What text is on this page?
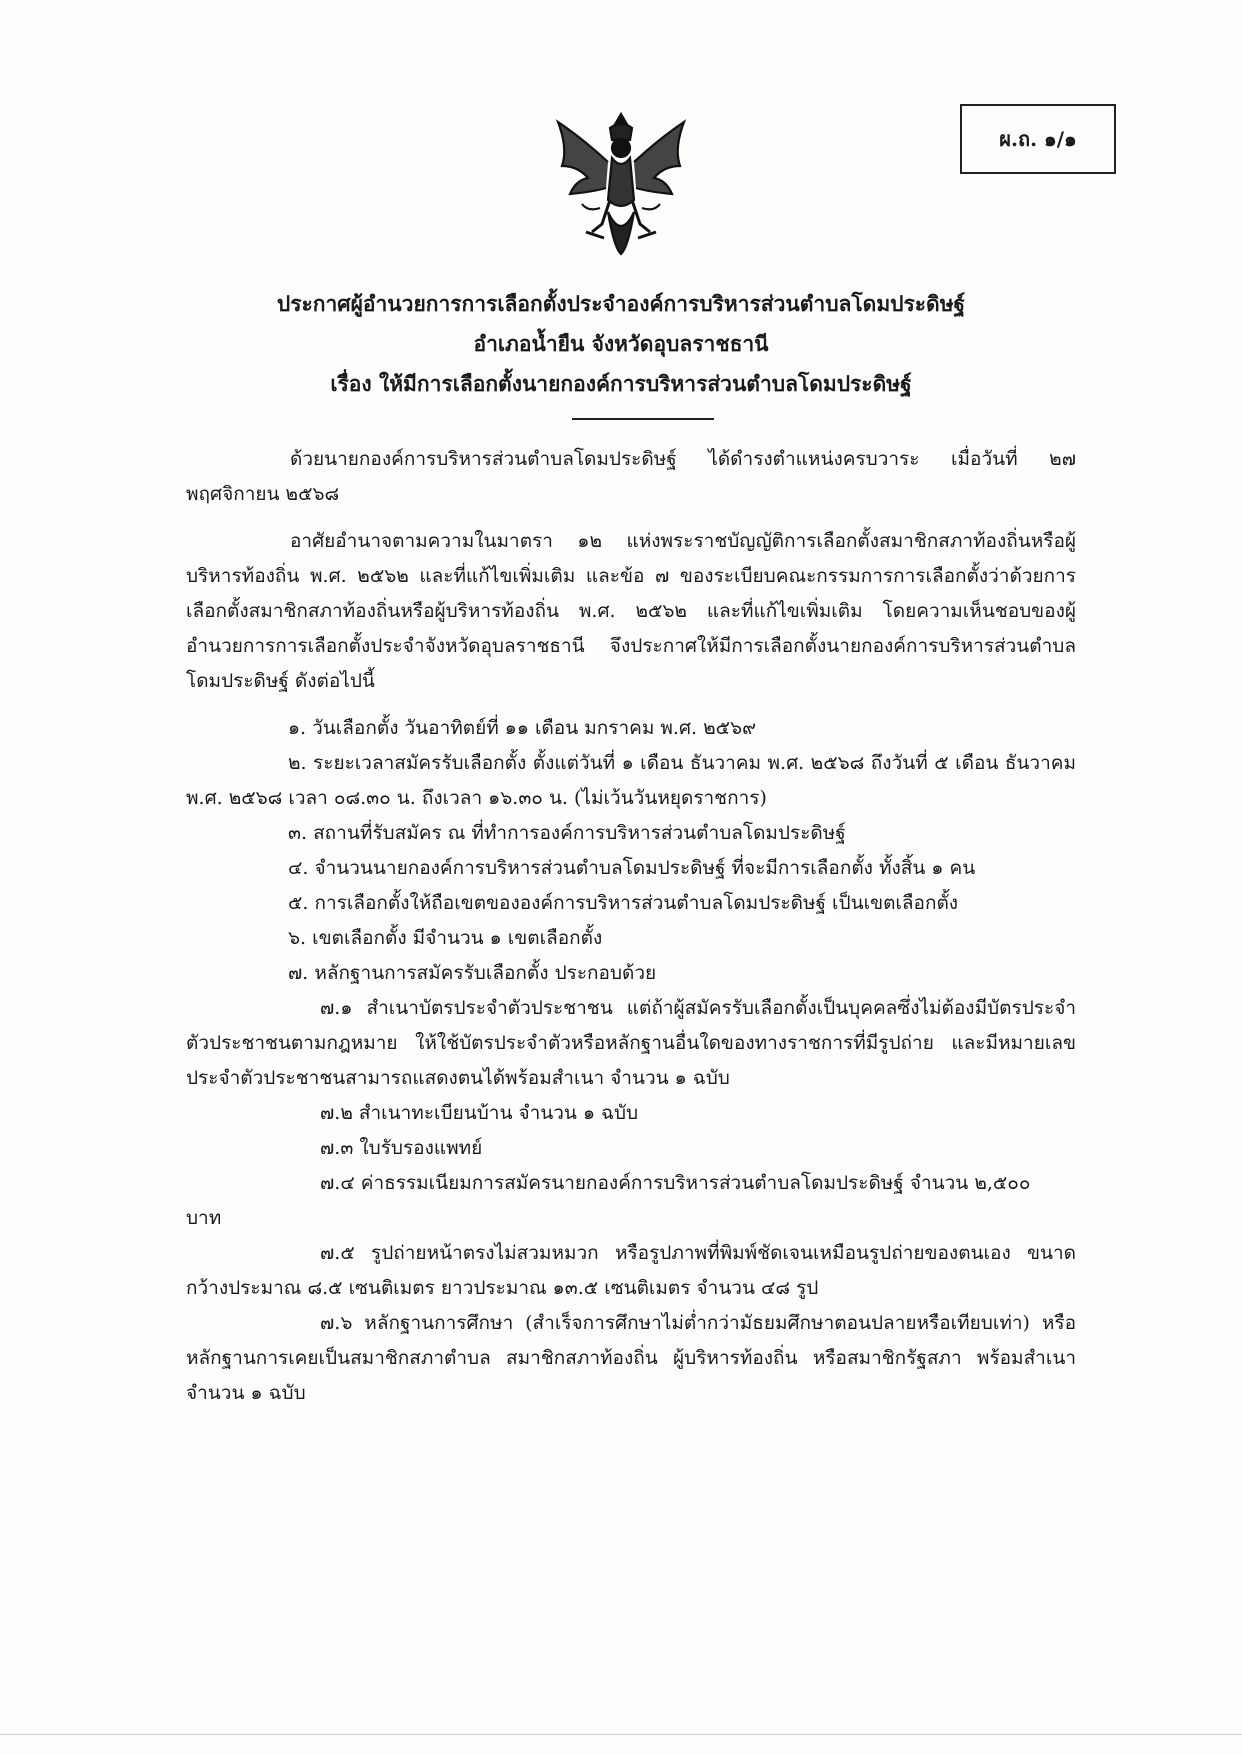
ผ.ถ. ๑/๑
ประกาศผู้อำนวยการการเลือกตั้งประจำองค์การบริหารส่วนตำบลโดมประดิษฐ์
อำเภอน้ำยืน จังหวัดอุบลราชธานี
เรื่อง ให้มีการเลือกตั้งนายกองค์การบริหารส่วนตำบลโดมประดิษฐ์

ด้วยนายกองค์การบริหารส่วนตำบลโดมประดิษฐ์ ได้ดำรงตำแหน่งครบวาระ เมื่อวันที่ ๒๗ พฤศจิกายน ๒๕๖๘

อาศัยอำนาจตามความในมาตรา ๑๒ แห่งพระราชบัญญัติการเลือกตั้งสมาชิกสภาท้องถิ่นหรือผู้บริหารท้องถิ่น พ.ศ. ๒๕๖๒ และที่แก้ไขเพิ่มเติม และข้อ ๗ ของระเบียบคณะกรรมการการเลือกตั้งว่าด้วยการเลือกตั้งสมาชิกสภาท้องถิ่นหรือผู้บริหารท้องถิ่น พ.ศ. ๒๕๖๒ และที่แก้ไขเพิ่มเติม โดยความเห็นชอบของผู้อำนวยการการเลือกตั้งประจำจังหวัดอุบลราชธานี จึงประกาศให้มีการเลือกตั้งนายกองค์การบริหารส่วนตำบลโดมประดิษฐ์ ดังต่อไปนี้

๑. วันเลือกตั้ง วันอาทิตย์ที่ ๑๑ เดือน มกราคม พ.ศ. ๒๕๖๙

๒. ระยะเวลาสมัครรับเลือกตั้ง ตั้งแต่วันที่ ๑ เดือน ธันวาคม พ.ศ. ๒๕๖๘ ถึงวันที่ ๕ เดือน ธันวาคม พ.ศ. ๒๕๖๘ เวลา ๐๘.๓๐ น. ถึงเวลา ๑๖.๓๐ น. (ไม่เว้นวันหยุดราชการ)

๓. สถานที่รับสมัคร ณ ที่ทำการองค์การบริหารส่วนตำบลโดมประดิษฐ์

๔. จำนวนนายกองค์การบริหารส่วนตำบลโดมประดิษฐ์ ที่จะมีการเลือกตั้ง ทั้งสิ้น ๑ คน

๕. การเลือกตั้งให้ถือเขตขององค์การบริหารส่วนตำบลโดมประดิษฐ์ เป็นเขตเลือกตั้ง

๖. เขตเลือกตั้ง มีจำนวน ๑ เขตเลือกตั้ง

๗. หลักฐานการสมัครรับเลือกตั้ง ประกอบด้วย

๗.๑ สำเนาบัตรประจำตัวประชาชน แต่ถ้าผู้สมัครรับเลือกตั้งเป็นบุคคลซึ่งไม่ต้องมีบัตรประจำตัวประชาชนตามกฎหมาย ให้ใช้บัตรประจำตัวหรือหลักฐานอื่นใดของทางราชการที่มีรูปถ่าย และมีหมายเลขประจำตัวประชาชนสามารถแสดงตนได้พร้อมสำเนา จำนวน ๑ ฉบับ

๗.๒ สำเนาทะเบียนบ้าน จำนวน ๑ ฉบับ

๗.๓ ใบรับรองแพทย์

๗.๔ ค่าธรรมเนียมการสมัครนายกองค์การบริหารส่วนตำบลโดมประดิษฐ์ จำนวน ๒,๕๐๐

บาท

๗.๕ รูปถ่ายหน้าตรงไม่สวมหมวก หรือรูปภาพที่พิมพ์ชัดเจนเหมือนรูปถ่ายของตนเอง ขนาดกว้างประมาณ ๘.๕ เซนติเมตร ยาวประมาณ ๑๓.๕ เซนติเมตร จำนวน ๔๘ รูป

๗.๖ หลักฐานการศึกษา (สำเร็จการศึกษาไม่ต่ำกว่ามัธยมศึกษาตอนปลายหรือเทียบเท่า) หรือหลักฐานการเคยเป็นสมาชิกสภาตำบล สมาชิกสภาท้องถิ่น ผู้บริหารท้องถิ่น หรือสมาชิกรัฐสภา พร้อมสำเนา จำนวน ๑ ฉบับ
